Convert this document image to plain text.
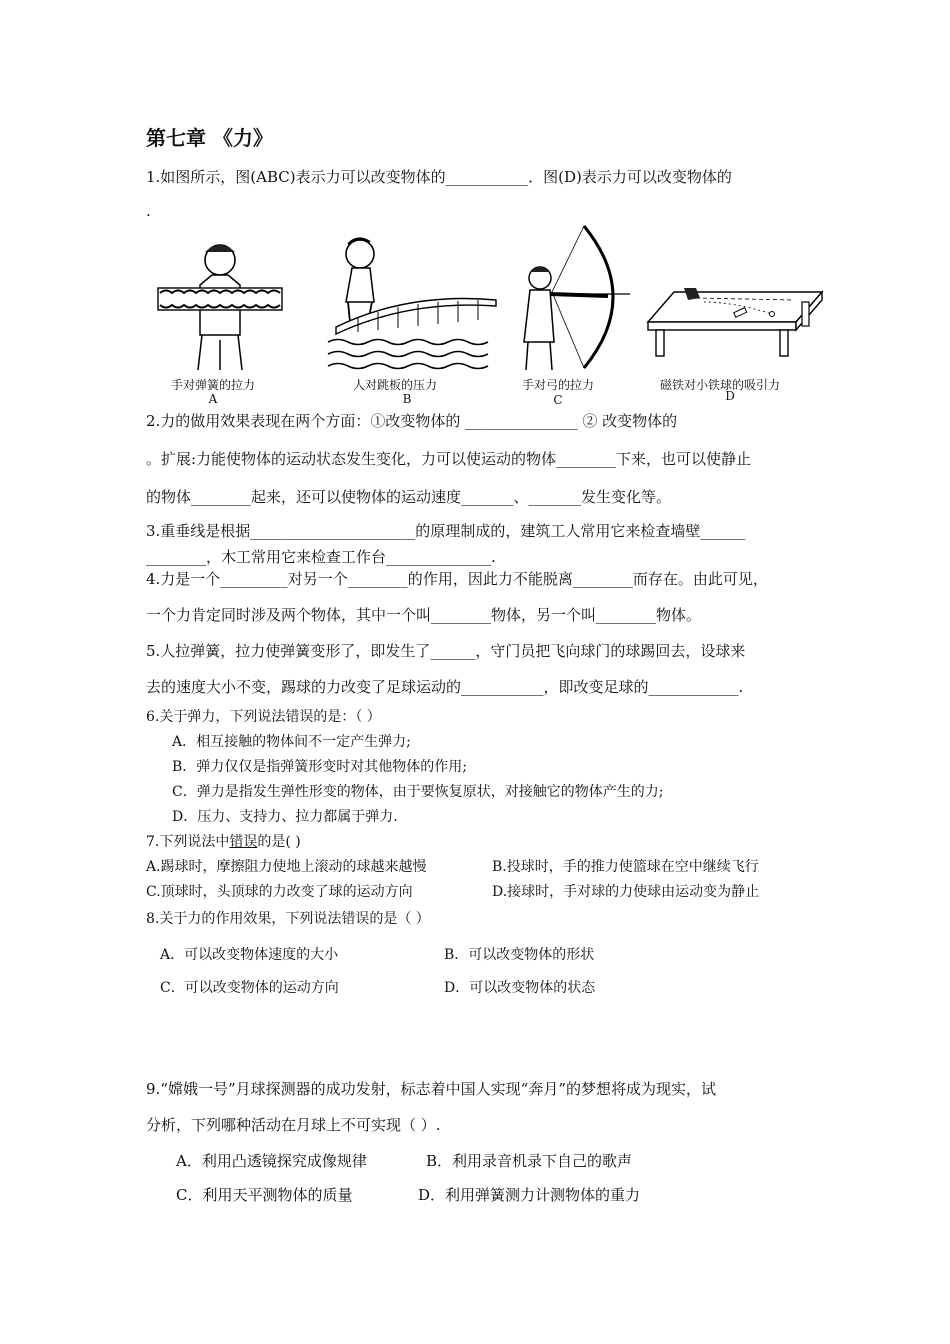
第七章 《力》
1.如图所示，图(ABC)表示力可以改变物体的___________．图(D)表示力可以改变物体的
.
手对弹簧的拉力
A
人对跳板的压力
B
手对弓的拉力
C
磁铁对小铁球的吸引力
D
2.力的做用效果表现在两个方面：①改变物体的 _______________ ② 改变物体的
。扩展:力能使物体的运动状态发生变化，力可以使运动的物体________下来，也可以使静止
的物体________起来，还可以使物体的运动速度_______、_______发生变化等。
3.重垂线是根据______________________的原理制成的，建筑工人常用它来检查墙壁______
________，木工常用它来检查工作台______________.
4.力是一个_________对另一个________的作用，因此力不能脱离________而存在。由此可见，
一个力肯定同时涉及两个物体，其中一个叫________物体，另一个叫________物体。
5.人拉弹簧，拉力使弹簧变形了，即发生了______，守门员把飞向球门的球踢回去，设球来
去的速度大小不变，踢球的力改变了足球运动的___________，即改变足球的____________.
6.关于弹力，下列说法错误的是：（ ）
A．相互接触的物体间不一定产生弹力;
B．弹力仅仅是指弹簧形变时对其他物体的作用;
C．弹力是指发生弹性形变的物体，由于要恢复原状，对接触它的物体产生的力;
D．压力、支持力、拉力都属于弹力.
7.下列说法中错误的是( )
A.踢球时，摩擦阻力使地上滚动的球越来越慢	B.投球时，手的推力使篮球在空中继续飞行
C.顶球时，头顶球的力改变了球的运动方向	D.接球时，手对球的力使球由运动变为静止
8.关于力的作用效果，下列说法错误的是（ ）
A．可以改变物体速度的大小	B．可以改变物体的形状
C．可以改变物体的运动方向	D．可以改变物体的状态
9.“嫦娥一号”月球探测器的成功发射，标志着中国人实现“奔月”的梦想将成为现实，试
分析，下列哪种活动在月球上不可实现（ ）.
A．利用凸透镜探究成像规律	B．利用录音机录下自己的歌声
C．利用天平测物体的质量	D．利用弹簧测力计测物体的重力
